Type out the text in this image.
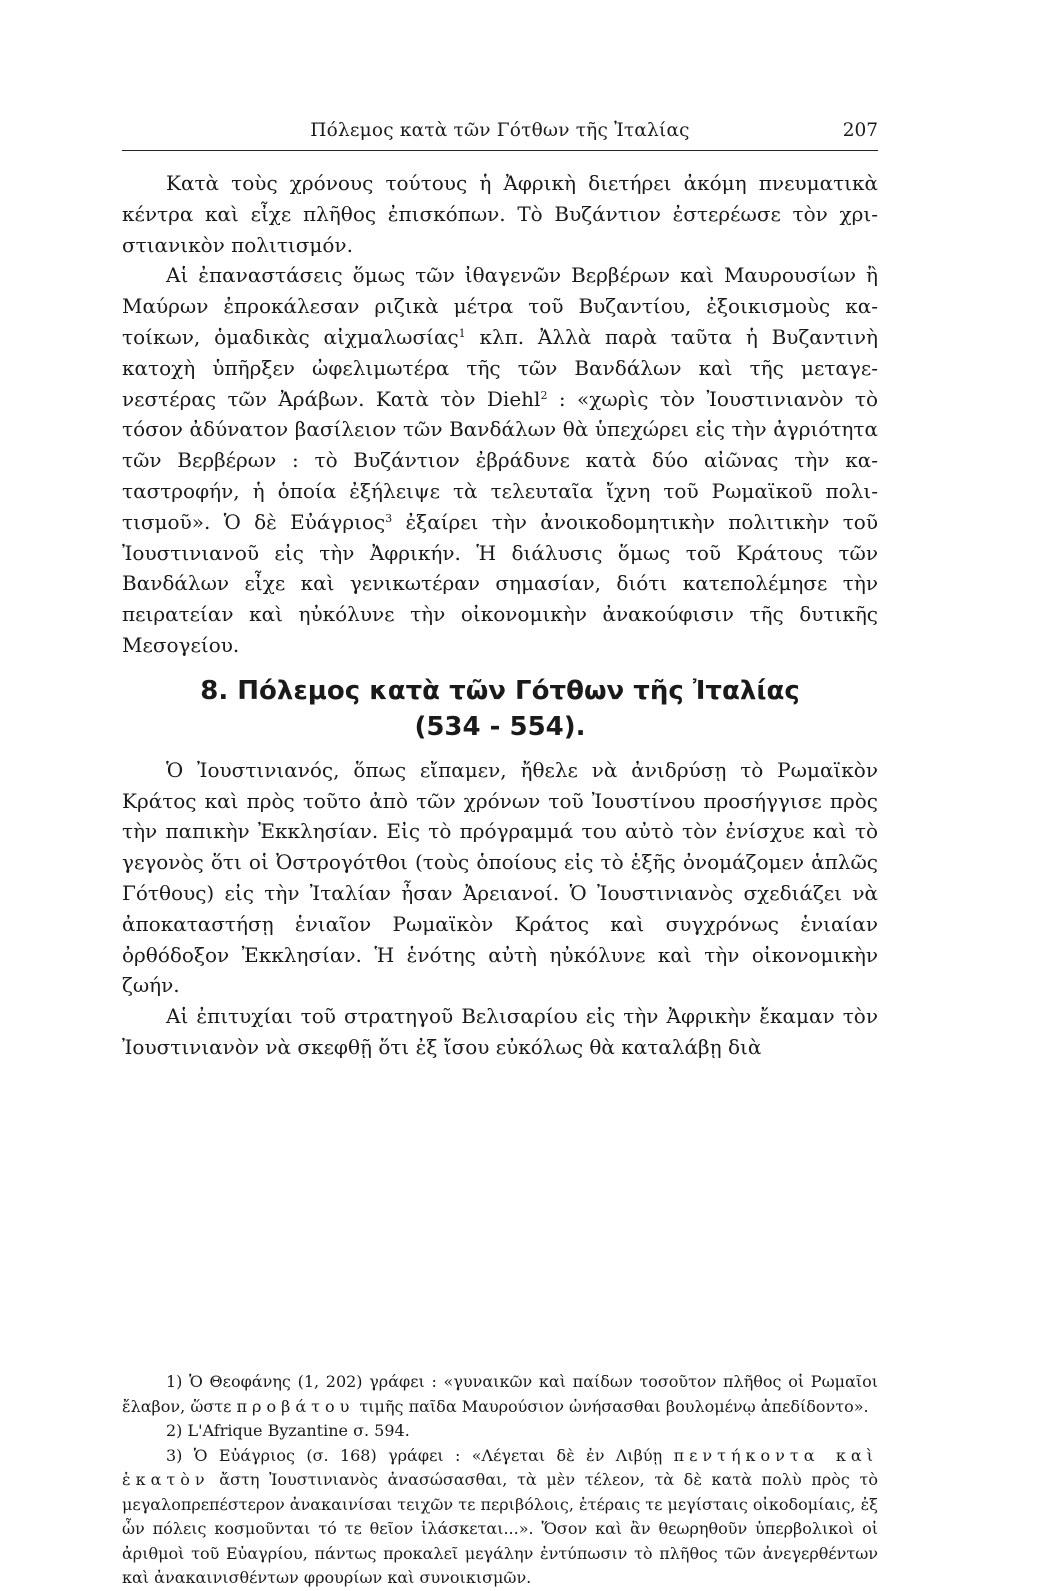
Πόλεμος κατὰ τῶν Γότθων τῆς Ἰταλίας	207

Κατὰ τοὺς χρόνους τούτους ἡ Ἀφρικὴ διετήρει ἀκόμη πνευματικὰ κέντρα καὶ εἶχε πλῆθος ἐπισκόπων. Τὸ Βυζάντιον ἐστερέωσε τὸν χριστιανικὸν πολιτισμόν.

Αἱ ἐπαναστάσεις ὅμως τῶν ἰθαγενῶν Βερβέρων καὶ Μαυρουσίων ἢ Μαύρων ἐπροκάλεσαν ριζικὰ μέτρα τοῦ Βυζαντίου, ἐξοικισμοὺς κατοίκων, ὁμαδικὰς αἰχμαλωσίας$^1$ κλπ. Ἀλλὰ παρὰ ταῦτα ἡ Βυζαντινὴ κατοχὴ ὑπῆρξεν ὠφελιμωτέρα τῆς τῶν Βανδάλων καὶ τῆς μεταγενεστέρας τῶν Ἀράβων. Κατὰ τὸν Diehl$^2$ : «χωρὶς τὸν Ἰουστινιανὸν τὸ τόσον ἀδύνατον βασίλειον τῶν Βανδάλων θὰ ὑπεχώρει εἰς τὴν ἀγριότητα τῶν Βερβέρων : τὸ Βυζάντιον ἐβράδυνε κατὰ δύο αἰῶνας τὴν καταστροφήν, ἡ ὁποία ἐξήλειψε τὰ τελευταῖα ἴχνη τοῦ Ρωμαϊκοῦ πολιτισμοῦ». Ὁ δὲ Εὐάγριος$^3$ ἐξαίρει τὴν ἀνοικοδομητικὴν πολιτικὴν τοῦ Ἰουστινιανοῦ εἰς τὴν Ἀφρικήν. Ἡ διάλυσις ὅμως τοῦ Κράτους τῶν Βανδάλων εἶχε καὶ γενικωτέραν σημασίαν, διότι κατεπολέμησε τὴν πειρατείαν καὶ ηὐκόλυνε τὴν οἰκονομικὴν ἀνακούφισιν τῆς δυτικῆς Μεσογείου.

8. Πόλεμος κατὰ τῶν Γότθων τῆς Ἰταλίας
(534 - 554).

Ὁ Ἰουστινιανός, ὅπως εἴπαμεν, ἤθελε νὰ ἀνιδρύσῃ τὸ Ρωμαϊκὸν Κράτος καὶ πρὸς τοῦτο ἀπὸ τῶν χρόνων τοῦ Ἰουστίνου προσήγγισε πρὸς τὴν παπικὴν Ἐκκλησίαν. Εἰς τὸ πρόγραμμά του αὐτὸ τὸν ἐνίσχυε καὶ τὸ γεγονὸς ὅτι οἱ Ὀστρογότθοι (τοὺς ὁποίους εἰς τὸ ἑξῆς ὀνομάζομεν ἁπλῶς Γότθους) εἰς τὴν Ἰταλίαν ἦσαν Ἀρειανοί. Ὁ Ἰουστινιανὸς σχεδιάζει νὰ ἀποκαταστήσῃ ἑνιαῖον Ρωμαϊκὸν Κράτος καὶ συγχρόνως ἑνιαίαν ὀρθόδοξον Ἐκκλησίαν. Ἡ ἑνότης αὐτὴ ηὐκόλυνε καὶ τὴν οἰκονομικὴν ζωήν.

Αἱ ἐπιτυχίαι τοῦ στρατηγοῦ Βελισαρίου εἰς τὴν Ἀφρικὴν ἔκαμαν τὸν Ἰουστινιανὸν νὰ σκεφθῇ ὅτι ἐξ ἴσου εὐκόλως θὰ καταλάβῃ διὰ

1) Ὁ Θεοφάνης (1, 202) γράφει : «γυναικῶν καὶ παίδων τοσοῦτον πλῆθος οἱ Ρωμαῖοι ἔλαβον, ὥστε προβάτου τιμῆς παῖδα Μαυρούσιον ὠνήσασθαι βουλομένῳ ἀπεδίδοντο».

2) L'Afrique Byzantine σ. 594.

3) Ὁ Εὐάγριος (σ. 168) γράφει : «Λέγεται δὲ ἐν Λιβύῃ πεντήκοντα καὶ ἑκατὸν ἄστη Ἰουστινιανὸς ἀνασώσασθαι, τὰ μὲν τέλεον, τὰ δὲ κατὰ πολὺ πρὸς τὸ μεγαλοπρεπέστερον ἀνακαινίσαι τειχῶν τε περιβόλοις, ἑτέραις τε μεγίσταις οἰκοδομίαις, ἐξ ὧν πόλεις κοσμοῦνται τό τε θεῖον ἱλάσκεται...». Ὅσον καὶ ἂν θεωρηθοῦν ὑπερβολικοὶ οἱ ἀριθμοὶ τοῦ Εὐαγρίου, πάντως προκαλεῖ μεγάλην ἐντύπωσιν τὸ πλῆθος τῶν ἀνεγερθέντων καὶ ἀνακαινισθέντων φρουρίων καὶ συνοικισμῶν.
